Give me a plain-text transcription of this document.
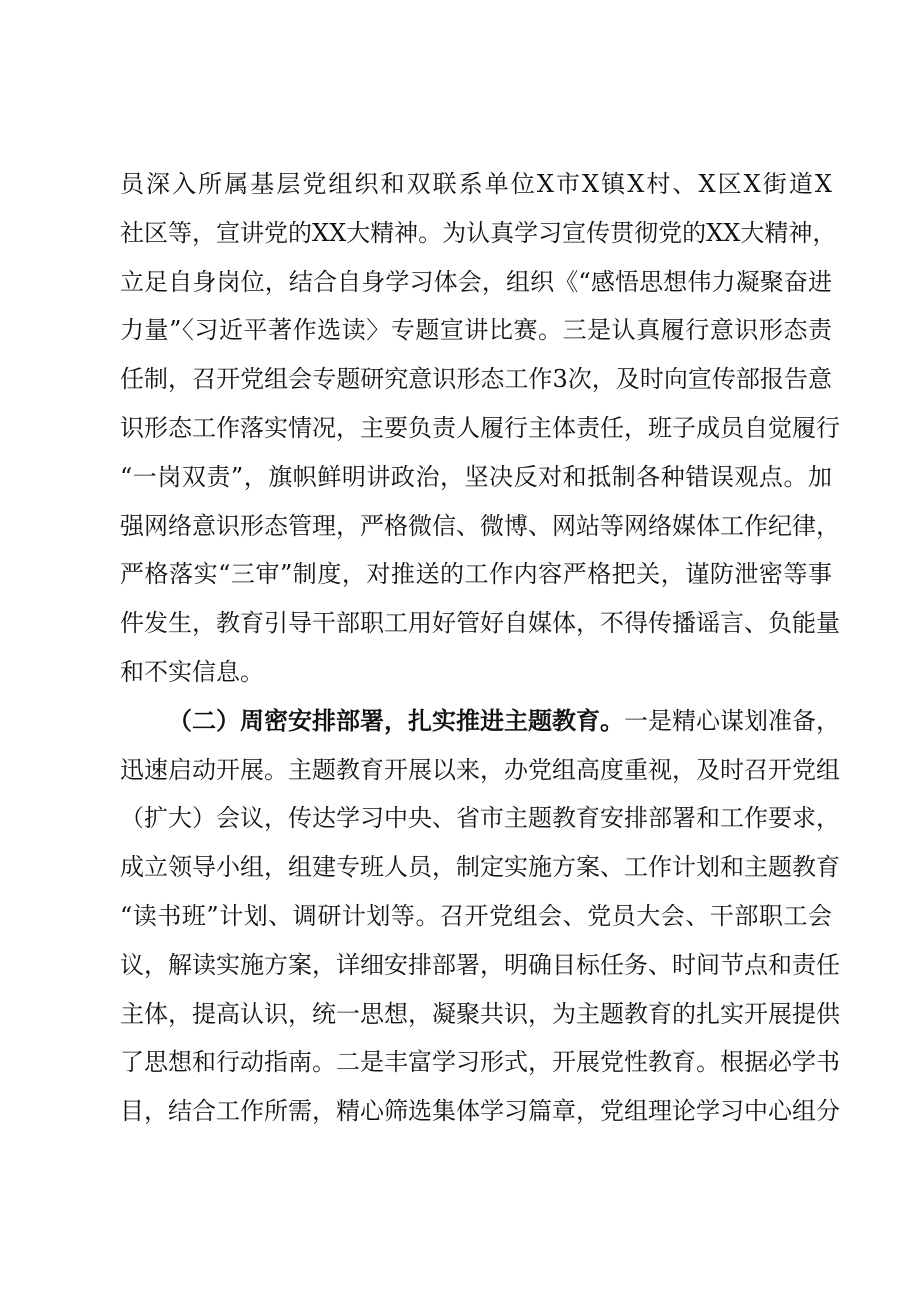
员深入所属基层党组织和双联系单位X市X镇X村、X区X街道X
社区等，宣讲党的XX大精神。为认真学习宣传贯彻党的XX大精神，
立足自身岗位，结合自身学习体会，组织《“感悟思想伟力凝聚奋进
力量”〈习近平著作选读〉专题宣讲比赛。三是认真履行意识形态责
任制，召开党组会专题研究意识形态工作3次，及时向宣传部报告意
识形态工作落实情况，主要负责人履行主体责任，班子成员自觉履行
“一岗双责”，旗帜鲜明讲政治，坚决反对和抵制各种错误观点。加
强网络意识形态管理，严格微信、微博、网站等网络媒体工作纪律，
严格落实“三审”制度，对推送的工作内容严格把关，谨防泄密等事
件发生，教育引导干部职工用好管好自媒体，不得传播谣言、负能量
和不实信息。
（二）周密安排部署，扎实推进主题教育。一是精心谋划准备，
迅速启动开展。主题教育开展以来，办党组高度重视，及时召开党组
（扩大）会议，传达学习中央、省市主题教育安排部署和工作要求，
成立领导小组，组建专班人员，制定实施方案、工作计划和主题教育
“读书班”计划、调研计划等。召开党组会、党员大会、干部职工会
议，解读实施方案，详细安排部署，明确目标任务、时间节点和责任
主体，提高认识，统一思想，凝聚共识，为主题教育的扎实开展提供
了思想和行动指南。二是丰富学习形式，开展党性教育。根据必学书
目，结合工作所需，精心筛选集体学习篇章，党组理论学习中心组分
